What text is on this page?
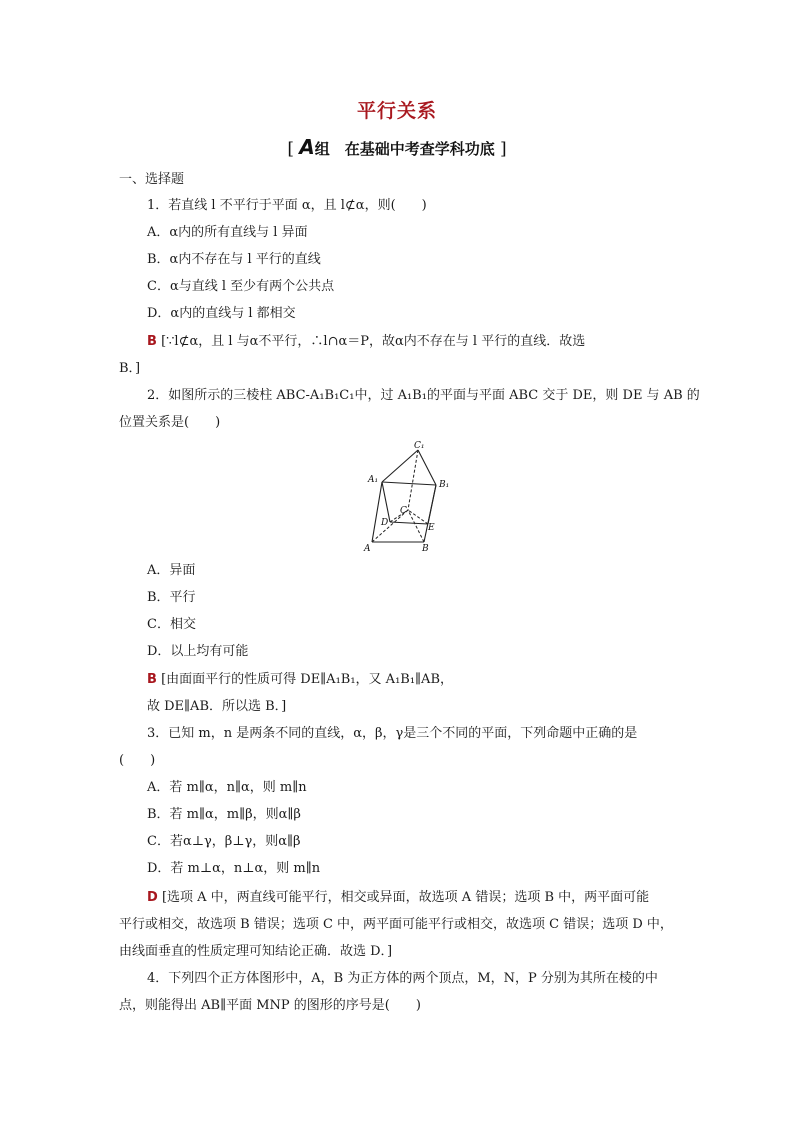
平行关系
[ A组　在基础中考查学科功底 ]
一、选择题
1．若直线 l 不平行于平面 α，且 l⊄α，则(　　)
A．α内的所有直线与 l 异面
B．α内不存在与 l 平行的直线
C．α与直线 l 至少有两个公共点
D．α内的直线与 l 都相交
B [∵l⊄α，且 l 与α不平行，∴l∩α＝P，故α内不存在与 l 平行的直线．故选
B．]
2．如图所示的三棱柱 ABC-A₁B₁C₁中，过 A₁B₁的平面与平面 ABC 交于 DE，则 DE 与 AB 的
位置关系是(　　)
C₁
A₁	B₁
C
D	E
A	B
A．异面
B．平行
C．相交
D．以上均有可能
B [由面面平行的性质可得 DE∥A₁B₁，又 A₁B₁∥AB，
故 DE∥AB．所以选 B．]
3．已知 m，n 是两条不同的直线，α，β，γ是三个不同的平面，下列命题中正确的是
(　　)
A．若 m∥α，n∥α，则 m∥n
B．若 m∥α，m∥β，则α∥β
C．若α⊥γ，β⊥γ，则α∥β
D．若 m⊥α，n⊥α，则 m∥n
D [选项 A 中，两直线可能平行，相交或异面，故选项 A 错误；选项 B 中，两平面可能
平行或相交，故选项 B 错误；选项 C 中，两平面可能平行或相交，故选项 C 错误；选项 D 中，
由线面垂直的性质定理可知结论正确．故选 D．]
4．下列四个正方体图形中，A，B 为正方体的两个顶点，M，N，P 分别为其所在棱的中
点，则能得出 AB∥平面 MNP 的图形的序号是(　　)
